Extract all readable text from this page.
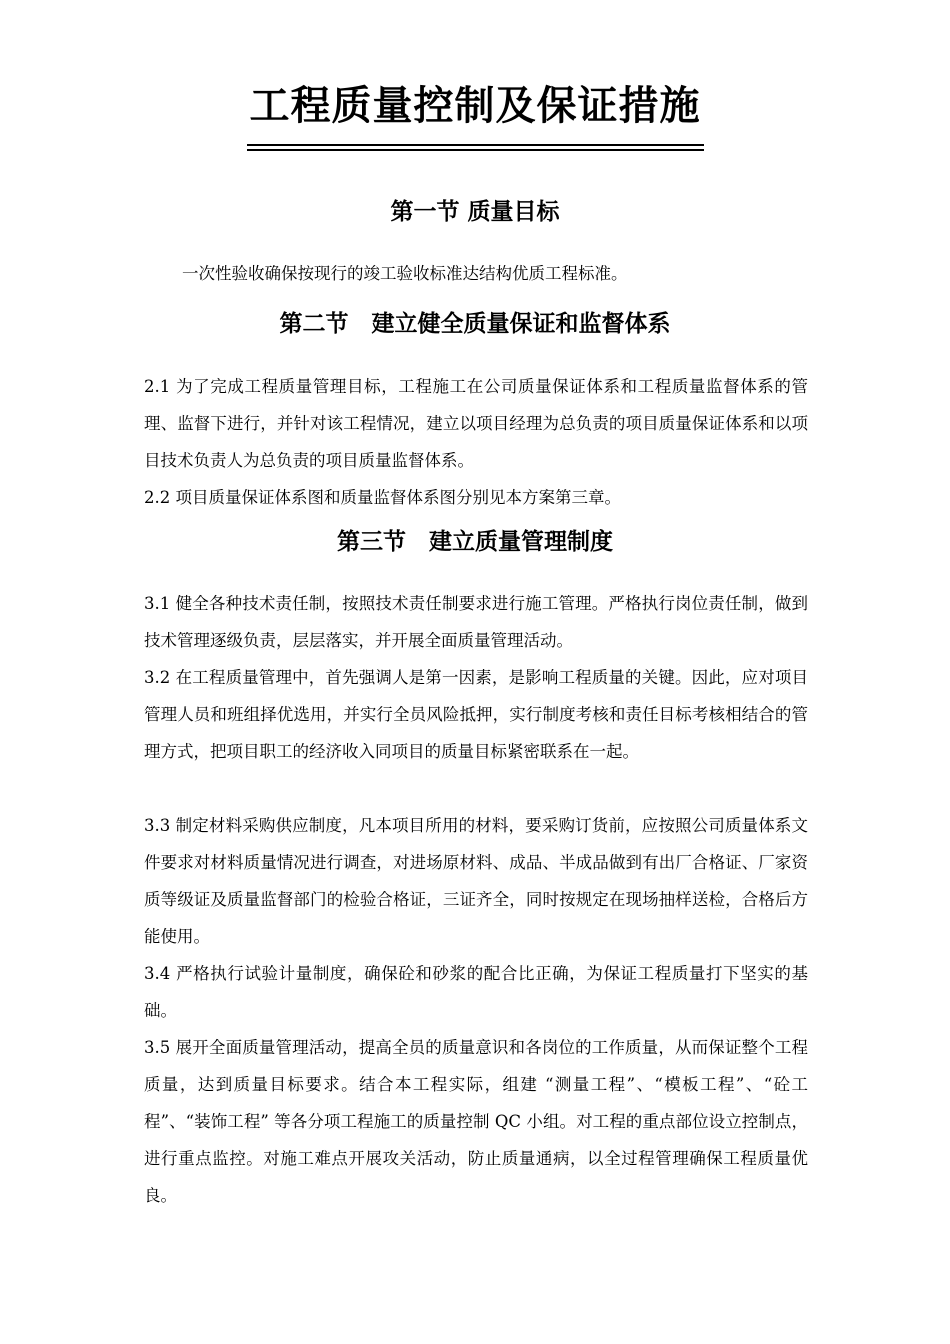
工程质量控制及保证措施
第一节 质量目标

一次性验收确保按现行的竣工验收标准达结构优质工程标准。

第二节　建立健全质量保证和监督体系

2.1 为了完成工程质量管理目标，工程施工在公司质量保证体系和工程质量监督体系的管理、监督下进行，并针对该工程情况，建立以项目经理为总负责的项目质量保证体系和以项目技术负责人为总负责的项目质量监督体系。

2.2 项目质量保证体系图和质量监督体系图分别见本方案第三章。

第三节　建立质量管理制度

3.1 健全各种技术责任制，按照技术责任制要求进行施工管理。严格执行岗位责任制，做到技术管理逐级负责，层层落实，并开展全面质量管理活动。

3.2 在工程质量管理中，首先强调人是第一因素，是影响工程质量的关键。因此，应对项目管理人员和班组择优选用，并实行全员风险抵押，实行制度考核和责任目标考核相结合的管理方式，把项目职工的经济收入同项目的质量目标紧密联系在一起。

3.3 制定材料采购供应制度，凡本项目所用的材料，要采购订货前，应按照公司质量体系文件要求对材料质量情况进行调查，对进场原材料、成品、半成品做到有出厂合格证、厂家资质等级证及质量监督部门的检验合格证，三证齐全，同时按规定在现场抽样送检，合格后方能使用。

3.4 严格执行试验计量制度，确保砼和砂浆的配合比正确，为保证工程质量打下坚实的基础。

3.5 展开全面质量管理活动，提高全员的质量意识和各岗位的工作质量，从而保证整个工程质量，达到质量目标要求。结合本工程实际，组建 “测量工程”、“模板工程”、“砼工程”、“装饰工程” 等各分项工程施工的质量控制 QC 小组。对工程的重点部位设立控制点，进行重点监控。对施工难点开展攻关活动，防止质量通病，以全过程管理确保工程质量优良。
